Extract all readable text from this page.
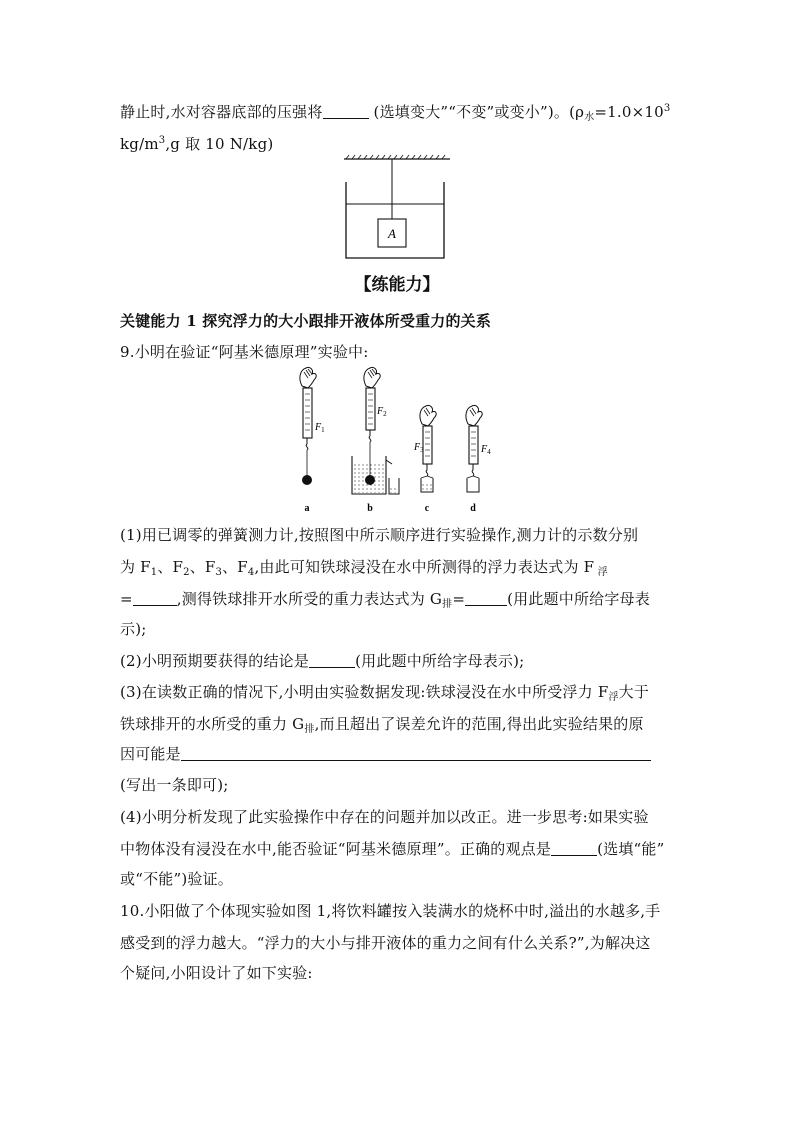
静止时,水对容器底部的压强将	(选填变大”“不变”或变小”)。($\rho_水=1.0\times 10^3$
$kg/m^3,g$ 取 10 N/kg)
A
【练能力】
关键能力 1 探究浮力的大小跟排开液体所受重力的关系
9.小明在验证“阿基米德原理”实验中:
$F_1$
a
$F_2$
b
$F_3$
c
$F_4$
d
(1)用已调零的弹簧测力计,按照图中所示顺序进行实验操作,测力计的示数分别
为 $F_1$、$F_2$、$F_3$、$F_4$,由此可知铁球浸没在水中所测得的浮力表达式为 F $_浮$
=	,测得铁球排开水所受的重力表达式为 $G_排=$	(用此题中所给字母表
示);
(2)小明预期要获得的结论是	(用此题中所给字母表示);
(3)在读数正确的情况下,小明由实验数据发现:铁球浸没在水中所受浮力 $F_浮$大于
铁球排开的水所受的重力 $G_排$,而且超出了误差允许的范围,得出此实验结果的原
因可能是
(写出一条即可);
(4)小明分析发现了此实验操作中存在的问题并加以改正。进一步思考:如果实验
中物体没有浸没在水中,能否验证“阿基米德原理”。正确的观点是	(选填“能”
或“不能”)验证。
10.小阳做了个体现实验如图 1,将饮料罐按入装满水的烧杯中时,溢出的水越多,手
感受到的浮力越大。“浮力的大小与排开液体的重力之间有什么关系?”,为解决这
个疑问,小阳设计了如下实验:
